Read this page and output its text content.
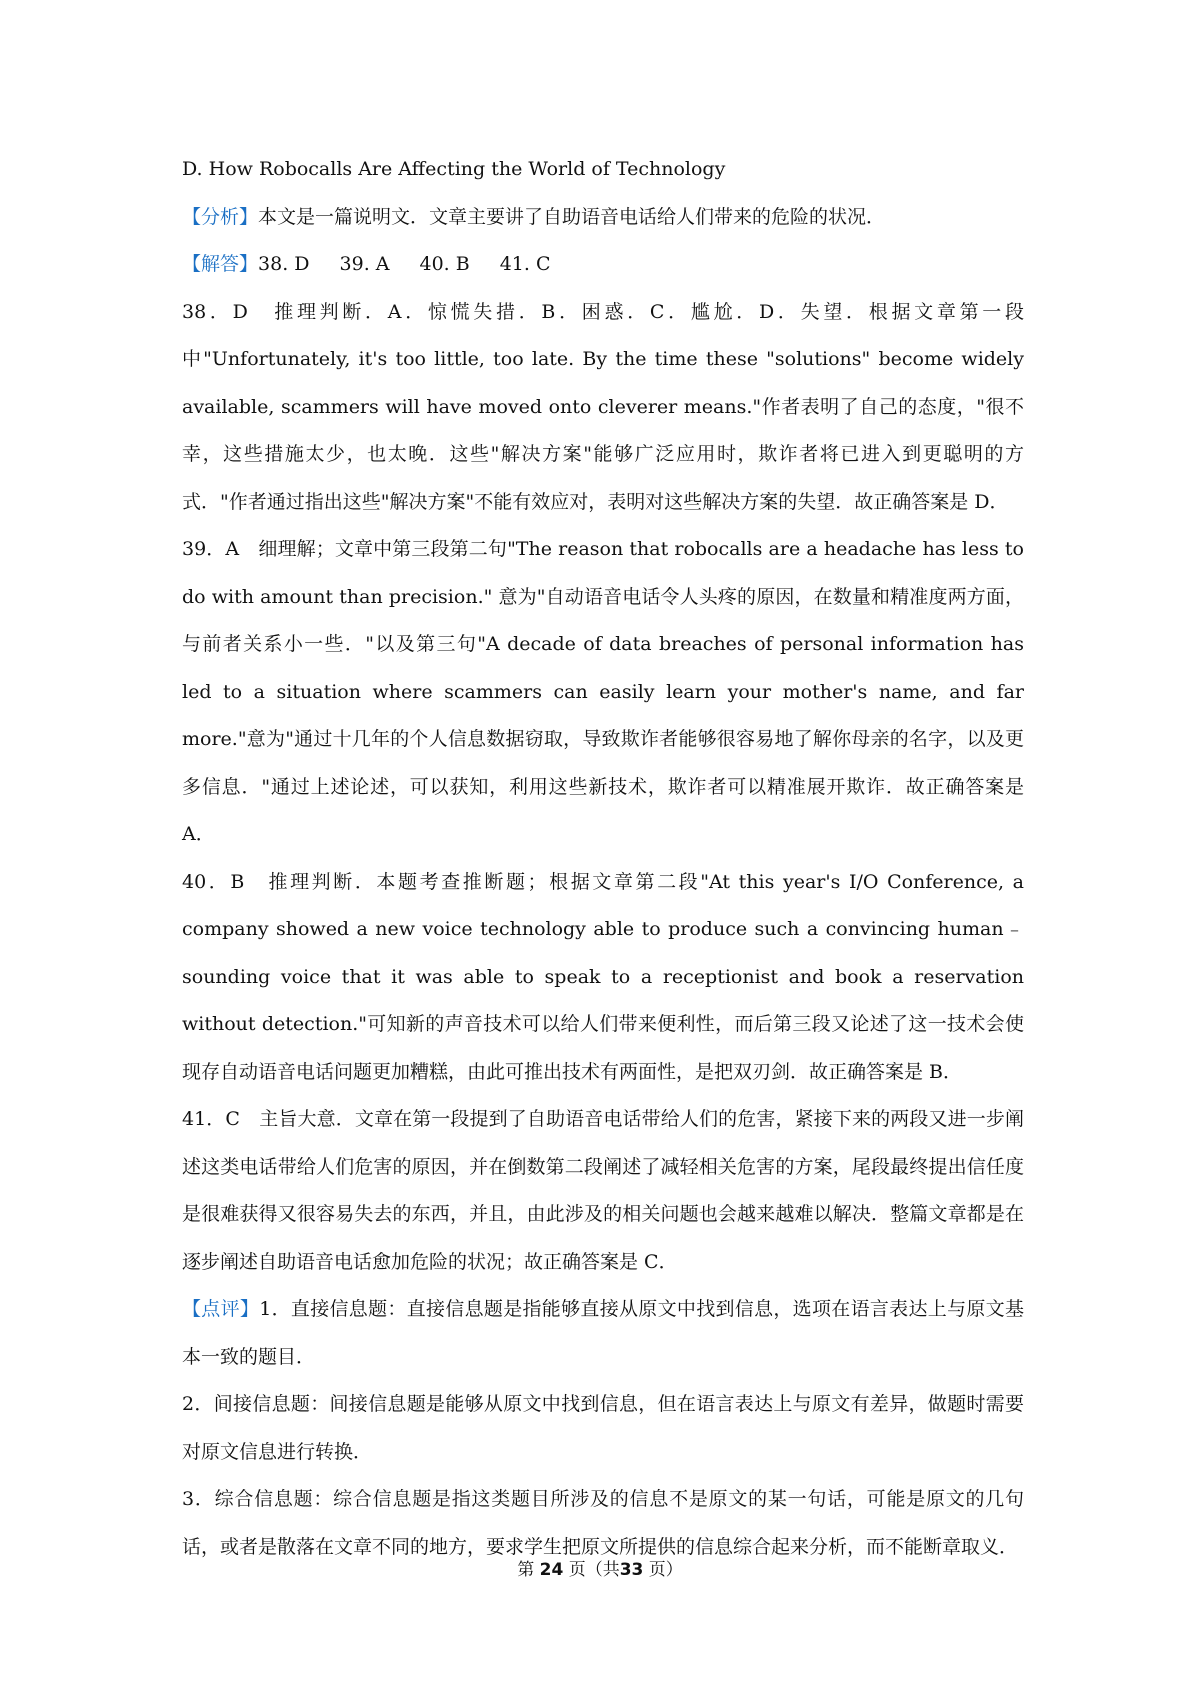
D. How Robocalls Are Affecting the World of Technology

【分析】本文是一篇说明文．文章主要讲了自助语音电话给人们带来的危险的状况．

【解答】38. D 39. A 40. B 41. C

38．D　推理判断．A．惊慌失措．B．困惑．C．尴尬．D．失望．根据文章第一段中"Unfortunately, it's too little, too late. By the time these "solutions" become widely available, scammers will have moved onto cleverer means."作者表明了自己的态度，"很不幸，这些措施太少，也太晚．这些"解决方案"能够广泛应用时，欺诈者将已进入到更聪明的方式．"作者通过指出这些"解决方案"不能有效应对，表明对这些解决方案的失望．故正确答案是 D．

39．A　细理解；文章中第三段第二句"The reason that robocalls are a headache has less to do with amount than precision." 意为"自动语音电话令人头疼的原因，在数量和精准度两方面，与前者关系小一些．"以及第三句"A decade of data breaches of personal information has led to a situation where scammers can easily learn your mother's name, and far more."意为"通过十几年的个人信息数据窃取，导致欺诈者能够很容易地了解你母亲的名字，以及更多信息．"通过上述论述，可以获知，利用这些新技术，欺诈者可以精准展开欺诈．故正确答案是 A．

40．B　推理判断．本题考查推断题；根据文章第二段"At this year's I/O Conference, a company showed a new voice technology able to produce such a convincing human﹣sounding voice that it was able to speak to a receptionist and book a reservation without detection."可知新的声音技术可以给人们带来便利性，而后第三段又论述了这一技术会使现存自动语音电话问题更加糟糕，由此可推出技术有两面性，是把双刃剑．故正确答案是 B．

41．C　主旨大意．文章在第一段提到了自助语音电话带给人们的危害，紧接下来的两段又进一步阐述这类电话带给人们危害的原因，并在倒数第二段阐述了减轻相关危害的方案，尾段最终提出信任度是很难获得又很容易失去的东西，并且，由此涉及的相关问题也会越来越难以解决．整篇文章都是在逐步阐述自助语音电话愈加危险的状况；故正确答案是 C．

【点评】1．直接信息题：直接信息题是指能够直接从原文中找到信息，选项在语言表达上与原文基本一致的题目．

2．间接信息题：间接信息题是能够从原文中找到信息，但在语言表达上与原文有差异，做题时需要对原文信息进行转换．

3．综合信息题：综合信息题是指这类题目所涉及的信息不是原文的某一句话，可能是原文的几句话，或者是散落在文章不同的地方，要求学生把原文所提供的信息综合起来分析，而不能断章取义．

第 24 页（共33 页）
